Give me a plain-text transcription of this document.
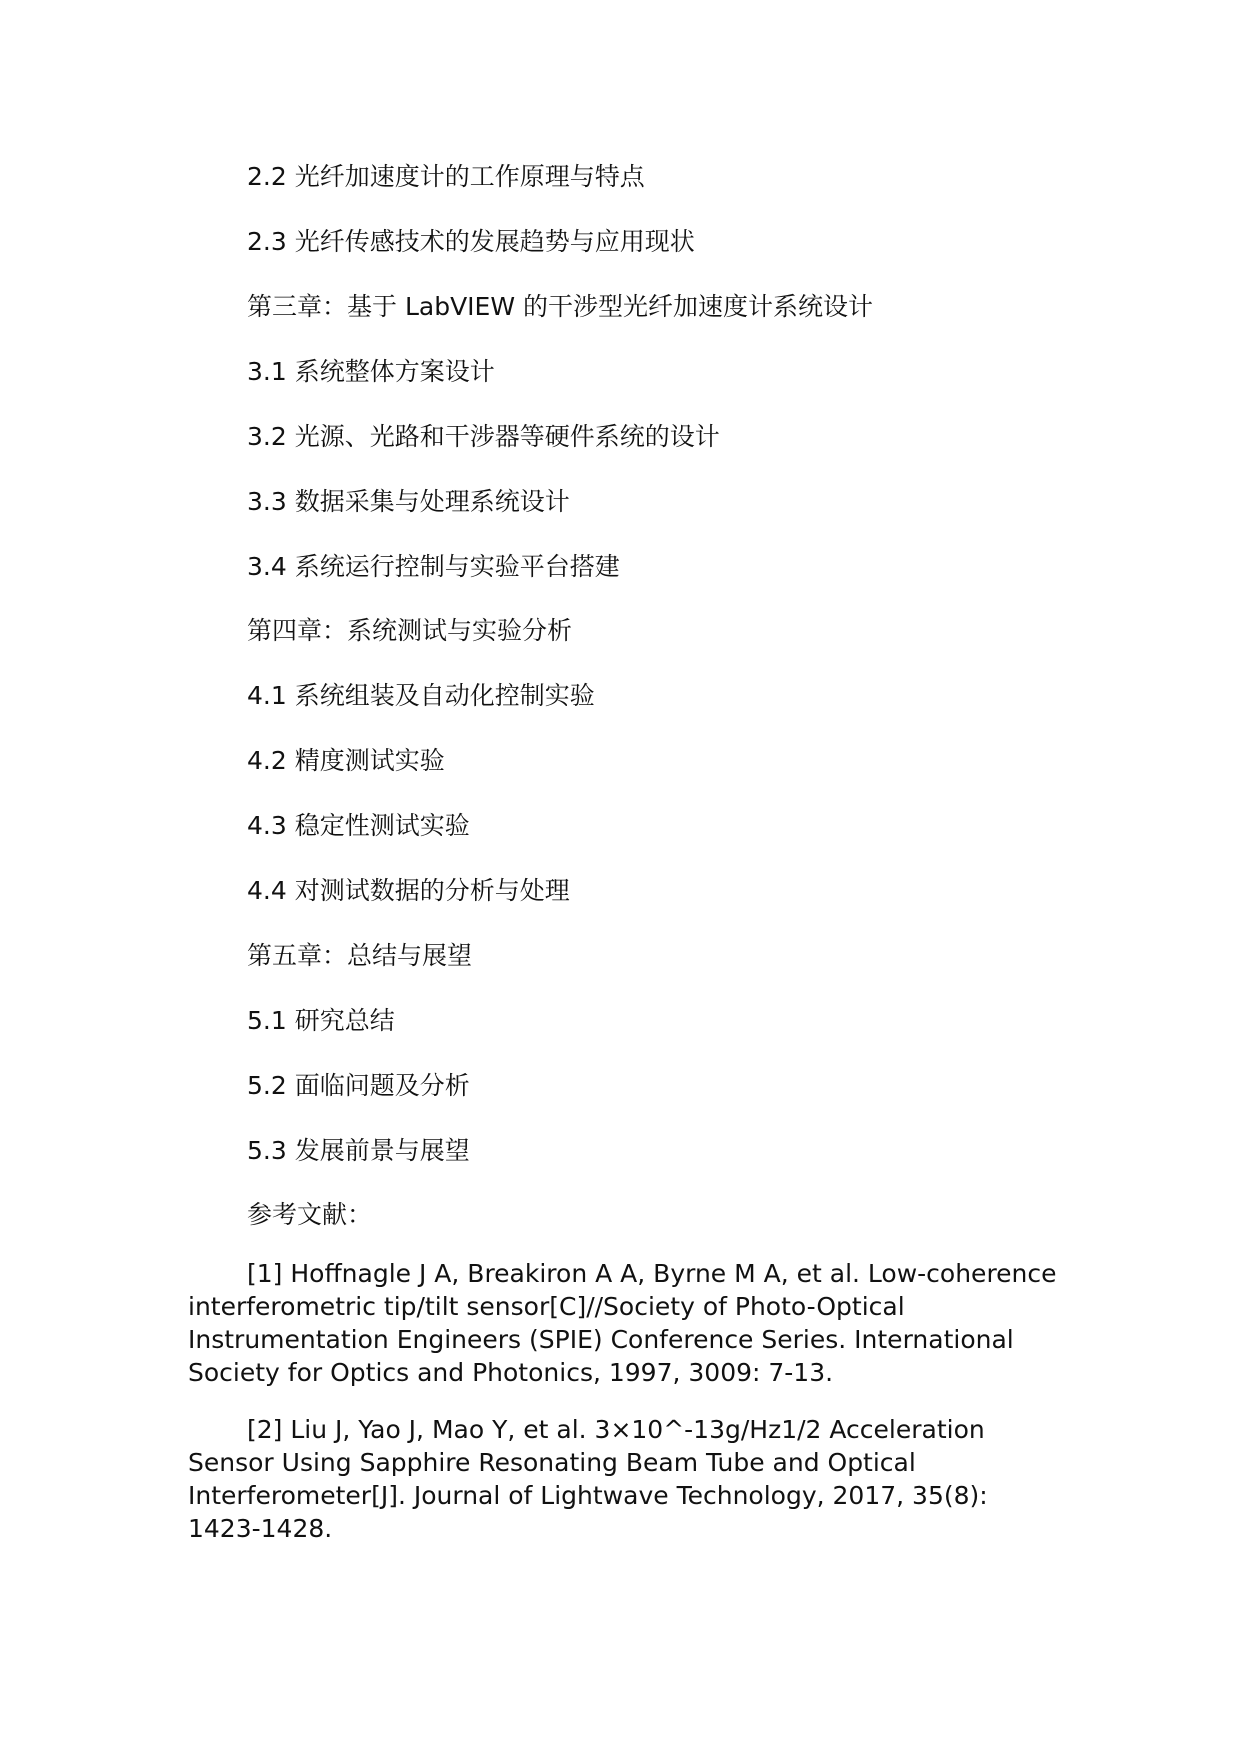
2.2 光纤加速度计的工作原理与特点

2.3 光纤传感技术的发展趋势与应用现状

第三章：基于 LabVIEW 的干涉型光纤加速度计系统设计

3.1 系统整体方案设计

3.2 光源、光路和干涉器等硬件系统的设计

3.3 数据采集与处理系统设计

3.4 系统运行控制与实验平台搭建

第四章：系统测试与实验分析

4.1 系统组装及自动化控制实验

4.2 精度测试实验

4.3 稳定性测试实验

4.4 对测试数据的分析与处理

第五章：总结与展望

5.1 研究总结

5.2 面临问题及分析

5.3 发展前景与展望

参考文献：

[1] Hoffnagle J A, Breakiron A A, Byrne M A, et al. Low-coherence interferometric tip/tilt sensor[C]//Society of Photo-Optical Instrumentation Engineers (SPIE) Conference Series. International Society for Optics and Photonics, 1997, 3009: 7-13.

[2] Liu J, Yao J, Mao Y, et al. 3×10^-13g/Hz1/2 Acceleration Sensor Using Sapphire Resonating Beam Tube and Optical Interferometer[J]. Journal of Lightwave Technology, 2017, 35(8): 1423-1428.
